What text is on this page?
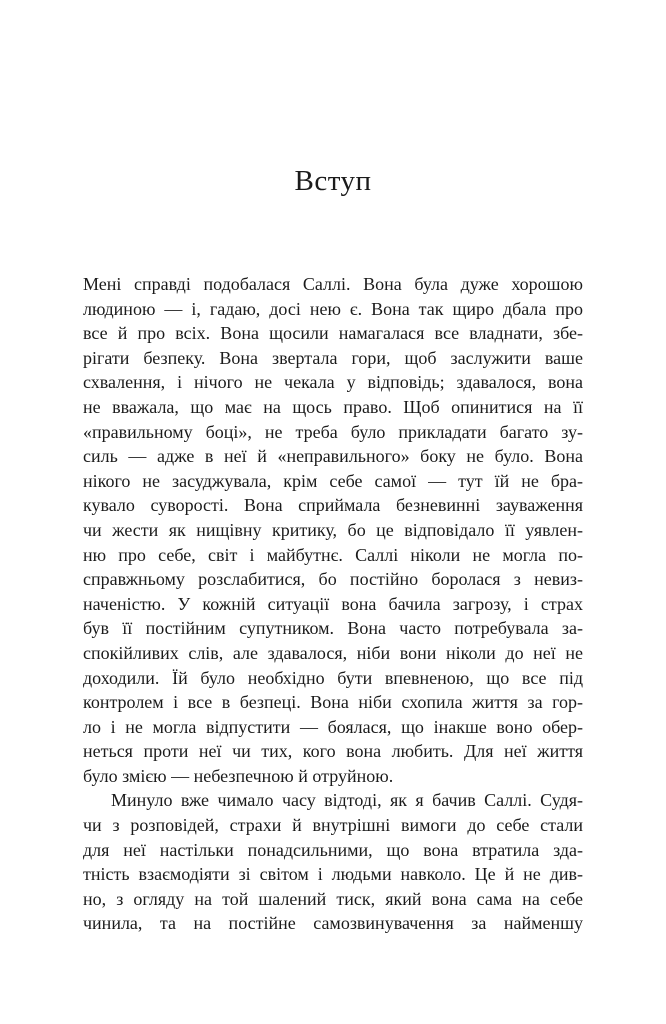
Вступ
Мені справді подобалася Саллі. Вона була дуже хорошою
людиною — і, гадаю, досі нею є. Вона так щиро дбала про
все й про всіх. Вона щосили намагалася все владнати, збе-
рігати безпеку. Вона звертала гори, щоб заслужити ваше
схвалення, і нічого не чекала у відповідь; здавалося, вона
не вважала, що має на щось право. Щоб опинитися на її
«правильному боці», не треба було прикладати багато зу-
силь — адже в неї й «неправильного» боку не було. Вона
нікого не засуджувала, крім себе самої — тут їй не бра-
кувало суворості. Вона сприймала безневинні зауваження
чи жести як нищівну критику, бо це відповідало її уявлен-
ню про себе, світ і майбутнє. Саллі ніколи не могла по-
справжньому розслабитися, бо постійно боролася з невиз-
наченістю. У кожній ситуації вона бачила загрозу, і страх
був її постійним супутником. Вона часто потребувала за-
спокійливих слів, але здавалося, ніби вони ніколи до неї не
доходили. Їй було необхідно бути впевненою, що все під
контролем і все в безпеці. Вона ніби схопила життя за гор-
ло і не могла відпустити — боялася, що інакше воно обер-
неться проти неї чи тих, кого вона любить. Для неї життя
було змією — небезпечною й отруйною.
Минуло вже чимало часу відтоді, як я бачив Саллі. Судя-
чи з розповідей, страхи й внутрішні вимоги до себе стали
для неї настільки понадсильними, що вона втратила зда-
тність взаємодіяти зі світом і людьми навколо. Це й не див-
но, з огляду на той шалений тиск, який вона сама на себе
чинила, та на постійне самозвинувачення за найменшу
